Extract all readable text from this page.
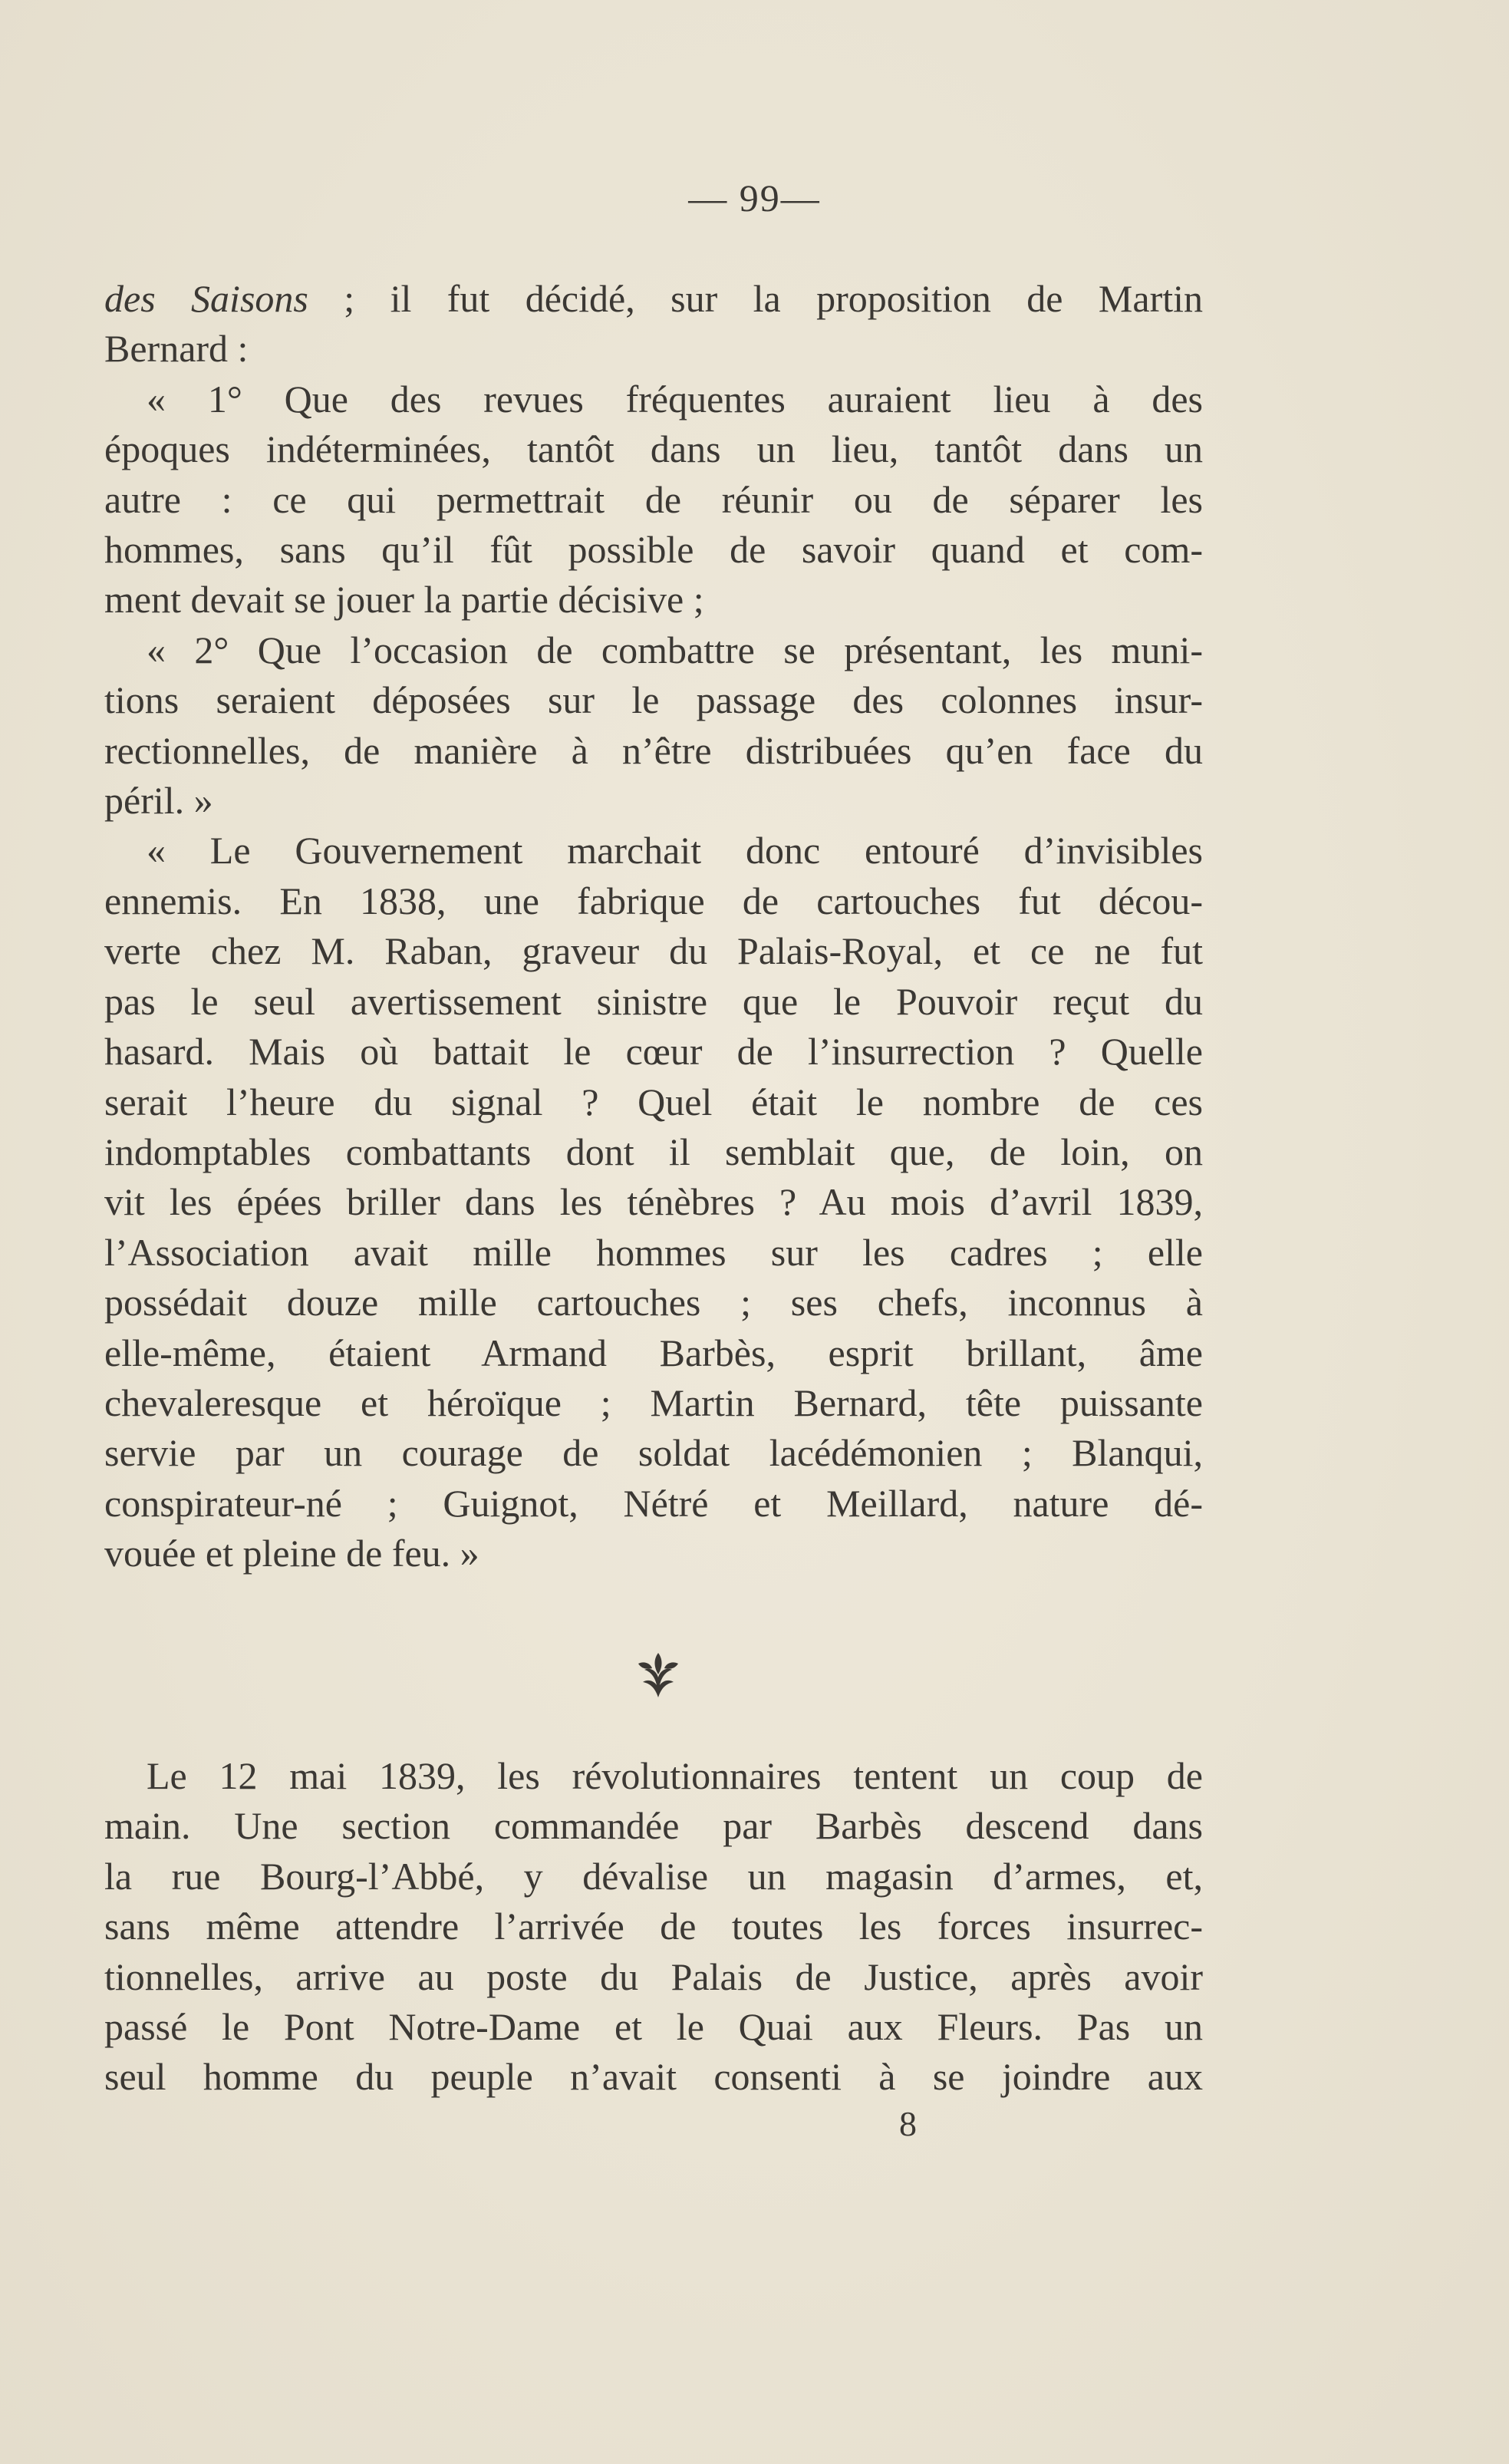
— 99—

des Saisons ; il fut décidé, sur la proposition de Martin

Bernard :

« 1° Que des revues fréquentes auraient lieu à des

époques indéterminées, tantôt dans un lieu, tantôt dans un

autre : ce qui permettrait de réunir ou de séparer les

hommes, sans qu’il fût possible de savoir quand et com-

ment devait se jouer la partie décisive ;

« 2° Que l’occasion de combattre se présentant, les muni-

tions seraient déposées sur le passage des colonnes insur-

rectionnelles, de manière à n’être distribuées qu’en face du

péril. »

« Le Gouvernement marchait donc entouré d’invisibles

ennemis. En 1838, une fabrique de cartouches fut décou-

verte chez M. Raban, graveur du Palais-Royal, et ce ne fut

pas le seul avertissement sinistre que le Pouvoir reçut du

hasard. Mais où battait le cœur de l’insurrection ? Quelle

serait l’heure du signal ? Quel était le nombre de ces

indomptables combattants dont il semblait que, de loin, on

vit les épées briller dans les ténèbres ? Au mois d’avril 1839,

l’Association avait mille hommes sur les cadres ; elle

possédait douze mille cartouches ; ses chefs, inconnus à

elle-même, étaient Armand Barbès, esprit brillant, âme

chevaleresque et héroïque ; Martin Bernard, tête puissante

servie par un courage de soldat lacédémonien ; Blanqui,

conspirateur-né ; Guignot, Nétré et Meillard, nature dé-

vouée et pleine de feu. »

Le 12 mai 1839, les révolutionnaires tentent un coup de

main. Une section commandée par Barbès descend dans

la rue Bourg-l’Abbé, y dévalise un magasin d’armes, et,

sans même attendre l’arrivée de toutes les forces insurrec-

tionnelles, arrive au poste du Palais de Justice, après avoir

passé le Pont Notre-Dame et le Quai aux Fleurs. Pas un

seul homme du peuple n’avait consenti à se joindre aux

8
